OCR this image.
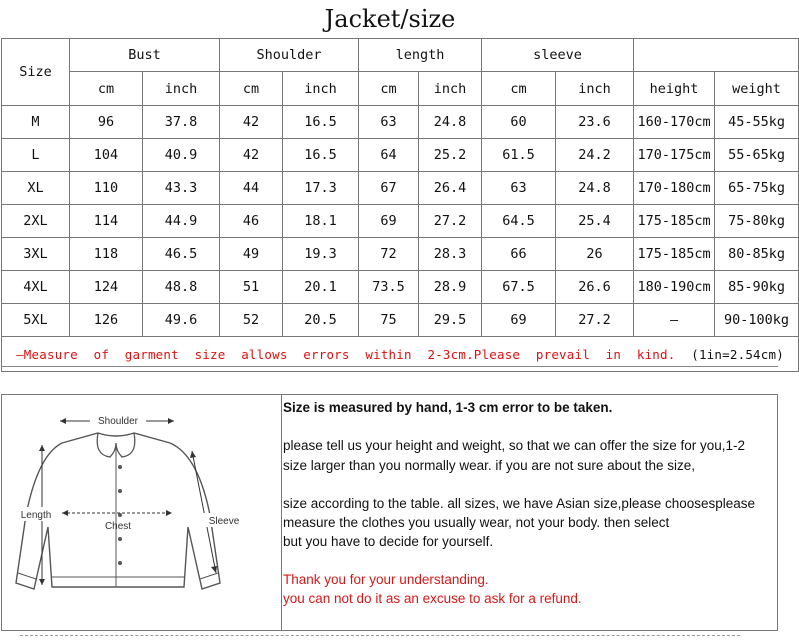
Jacket/size
Size	Bust		Shoulder		length		sleeve			
	cm	inch	cm	inch	cm	inch	cm	inch	height	weight
M	96	37.8	42	16.5	63	24.8	60	23.6	160-170cm	45-55kg
L	104	40.9	42	16.5	64	25.2	61.5	24.2	170-175cm	55-65kg
XL	110	43.3	44	17.3	67	26.4	63	24.8	170-180cm	65-75kg
2XL	114	44.9	46	18.1	69	27.2	64.5	25.4	175-185cm	75-80kg
3XL	118	46.5	49	19.3	72	28.3	66	26	175-185cm	80-85kg
4XL	124	48.8	51	20.1	73.5	28.9	67.5	26.6	180-190cm	85-90kg
5XL	126	49.6	52	20.5	75	29.5	69	27.2	–	90-100kg
—Measure of garment size allows errors within 2-3cm.Please prevail in kind. (1in=2.54cm)										
Shoulder
Chest
Length
Sleeve
Size is measured by hand, 1-3 cm error to be taken.
please tell us your height and weight, so that we can offer the size for you,1-2
size larger than you normally wear. if you are not sure about the size,
size according to the table. all sizes, we have Asian size,please choosesplease
measure the clothes you usually wear, not your body. then select
but you have to decide for yourself.
Thank you for your understanding.
you can not do it as an excuse to ask for a refund.
